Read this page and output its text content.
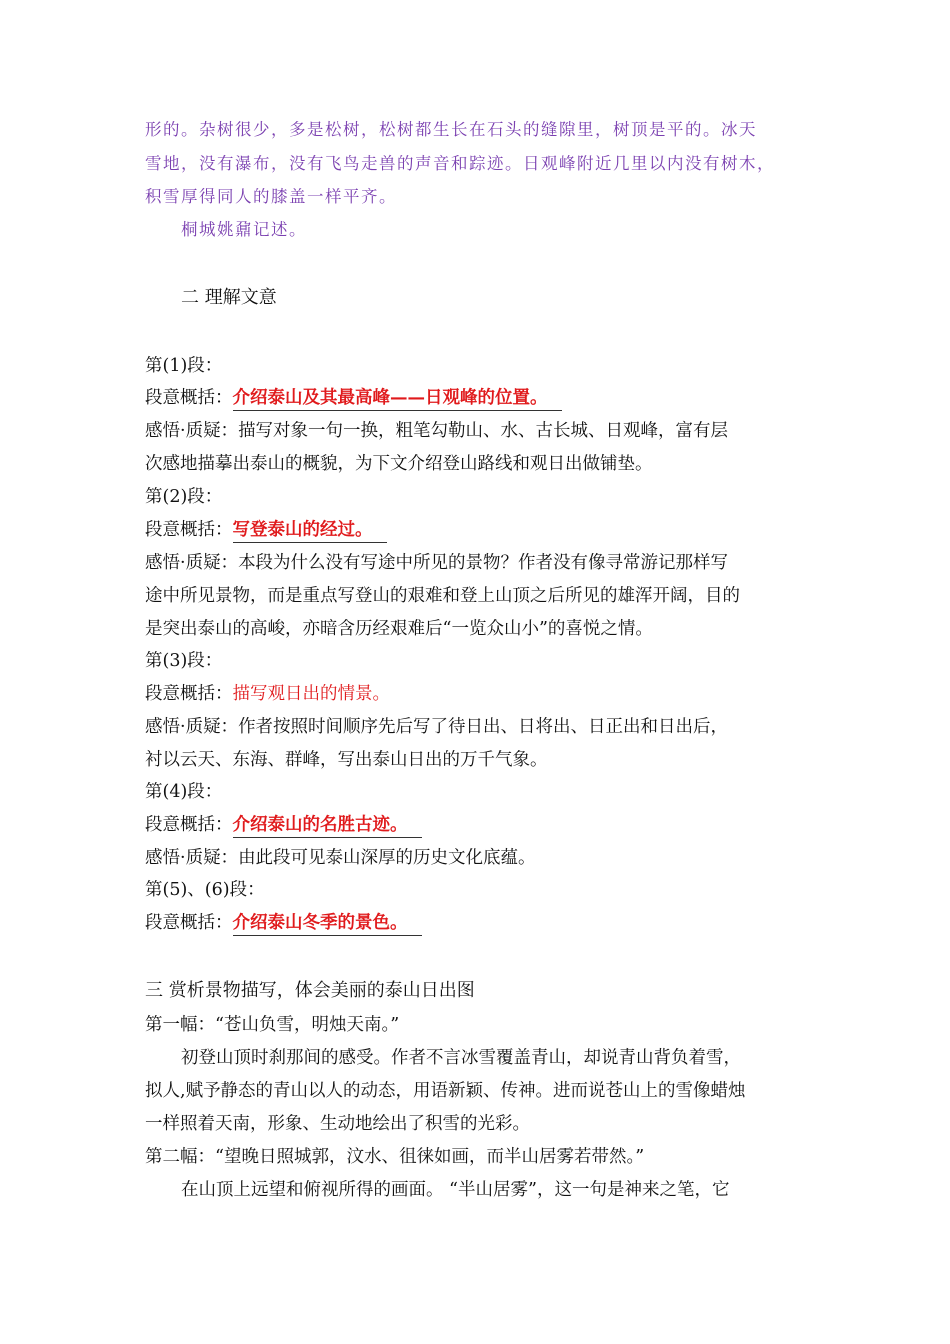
形的。杂树很少，多是松树，松树都生长在石头的缝隙里，树顶是平的。冰天
雪地，没有瀑布，没有飞鸟走兽的声音和踪迹。日观峰附近几里以内没有树木，
积雪厚得同人的膝盖一样平齐。
桐城姚鼐记述。
二 理解文意
第(1)段：
段意概括：介绍泰山及其最高峰——日观峰的位置。
感悟·质疑：描写对象一句一换，粗笔勾勒山、水、古长城、日观峰，富有层
次感地描摹出泰山的概貌，为下文介绍登山路线和观日出做铺垫。
第(2)段：
段意概括：写登泰山的经过。
感悟·质疑：本段为什么没有写途中所见的景物？作者没有像寻常游记那样写
途中所见景物，而是重点写登山的艰难和登上山顶之后所见的雄浑开阔，目的
是突出泰山的高峻，亦暗含历经艰难后“一览众山小”的喜悦之情。
第(3)段：
段意概括：描写观日出的情景。
感悟·质疑：作者按照时间顺序先后写了待日出、日将出、日正出和日出后，
衬以云天、东海、群峰，写出泰山日出的万千气象。
第(4)段：
段意概括：介绍泰山的名胜古迹。
感悟·质疑：由此段可见泰山深厚的历史文化底蕴。
第(5)、(6)段：
段意概括：介绍泰山冬季的景色。
三 赏析景物描写，体会美丽的泰山日出图
第一幅：“苍山负雪，明烛天南。”
初登山顶时刹那间的感受。作者不言冰雪覆盖青山，却说青山背负着雪，
拟人,赋予静态的青山以人的动态，用语新颖、传神。进而说苍山上的雪像蜡烛
一样照着天南，形象、生动地绘出了积雪的光彩。
第二幅：“望晚日照城郭，汶水、徂徕如画，而半山居雾若带然。”
在山顶上远望和俯视所得的画面。 “半山居雾”，这一句是神来之笔，它
